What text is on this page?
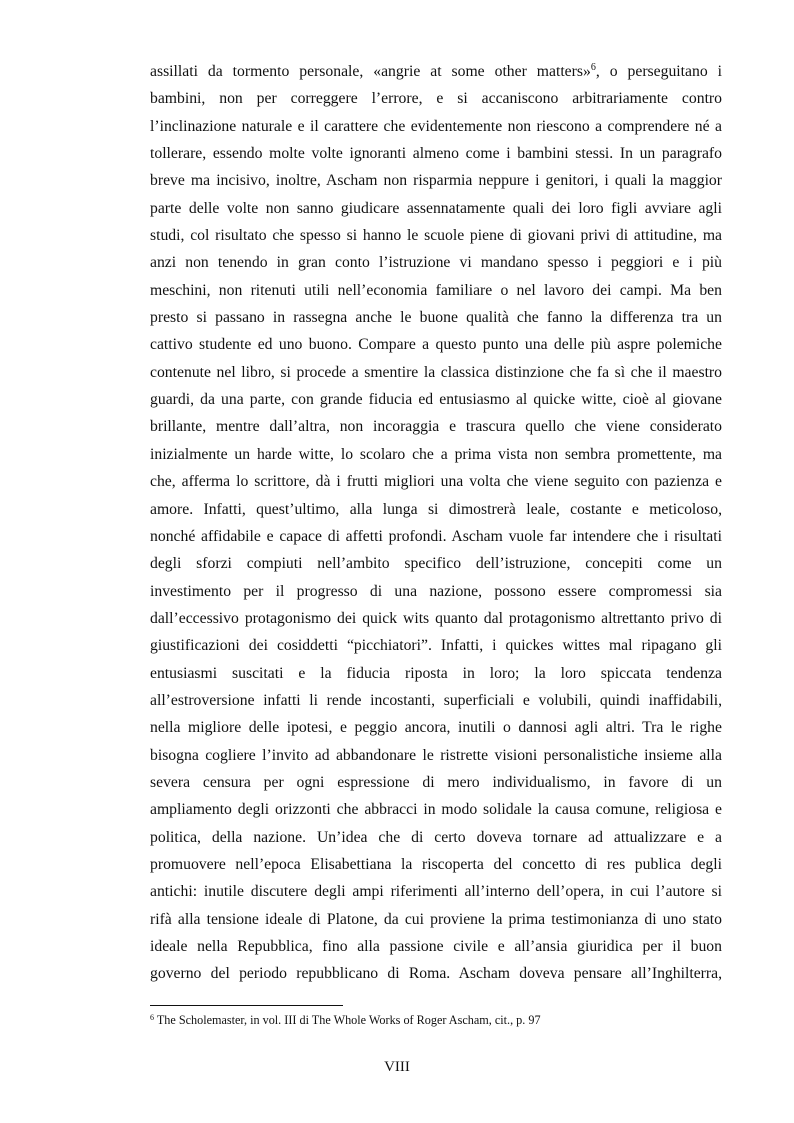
assillati da tormento personale, «angrie at some other matters»$^6$, o perseguitano i
bambini, non per correggere l’errore, e si accaniscono arbitrariamente contro
l’inclinazione naturale e il carattere che evidentemente non riescono a comprendere né a
tollerare, essendo molte volte ignoranti almeno come i bambini stessi. In un paragrafo
breve ma incisivo, inoltre, Ascham non risparmia neppure i genitori, i quali la maggior
parte delle volte non sanno giudicare assennatamente quali dei loro figli avviare agli
studi, col risultato che spesso si hanno le scuole piene di giovani privi di attitudine, ma
anzi non tenendo in gran conto l’istruzione vi mandano spesso i peggiori e i più
meschini, non ritenuti utili nell’economia familiare o nel lavoro dei campi. Ma ben
presto si passano in rassegna anche le buone qualità che fanno la differenza tra un
cattivo studente ed uno buono. Compare a questo punto una delle più aspre polemiche
contenute nel libro, si procede a smentire la classica distinzione che fa sì che il maestro
guardi, da una parte, con grande fiducia ed entusiasmo al quicke witte, cioè al giovane
brillante, mentre dall’altra, non incoraggia e trascura quello che viene considerato
inizialmente un harde witte, lo scolaro che a prima vista non sembra promettente, ma
che, afferma lo scrittore, dà i frutti migliori una volta che viene seguito con pazienza e
amore. Infatti, quest’ultimo, alla lunga si dimostrerà leale, costante e meticoloso,
nonché affidabile e capace di affetti profondi. Ascham vuole far intendere che i risultati
degli sforzi compiuti nell’ambito specifico dell’istruzione, concepiti come un
investimento per il progresso di una nazione, possono essere compromessi sia
dall’eccessivo protagonismo dei quick wits quanto dal protagonismo altrettanto privo di
giustificazioni dei cosiddetti “picchiatori”. Infatti, i quickes wittes mal ripagano gli
entusiasmi suscitati e la fiducia riposta in loro; la loro spiccata tendenza
all’estroversione infatti li rende incostanti, superficiali e volubili, quindi inaffidabili,
nella migliore delle ipotesi, e peggio ancora, inutili o dannosi agli altri. Tra le righe
bisogna cogliere l’invito ad abbandonare le ristrette visioni personalistiche insieme alla
severa censura per ogni espressione di mero individualismo, in favore di un
ampliamento degli orizzonti che abbracci in modo solidale la causa comune, religiosa e
politica, della nazione. Un’idea che di certo doveva tornare ad attualizzare e a
promuovere nell’epoca Elisabettiana la riscoperta del concetto di res publica degli
antichi: inutile discutere degli ampi riferimenti all’interno dell’opera, in cui l’autore si
rifà alla tensione ideale di Platone, da cui proviene la prima testimonianza di uno stato
ideale nella Repubblica, fino alla passione civile e all’ansia giuridica per il buon
governo del periodo repubblicano di Roma. Ascham doveva pensare all’Inghilterra,
$^6$ The Scholemaster, in vol. III di The Whole Works of Roger Ascham, cit., p. 97
VIII
